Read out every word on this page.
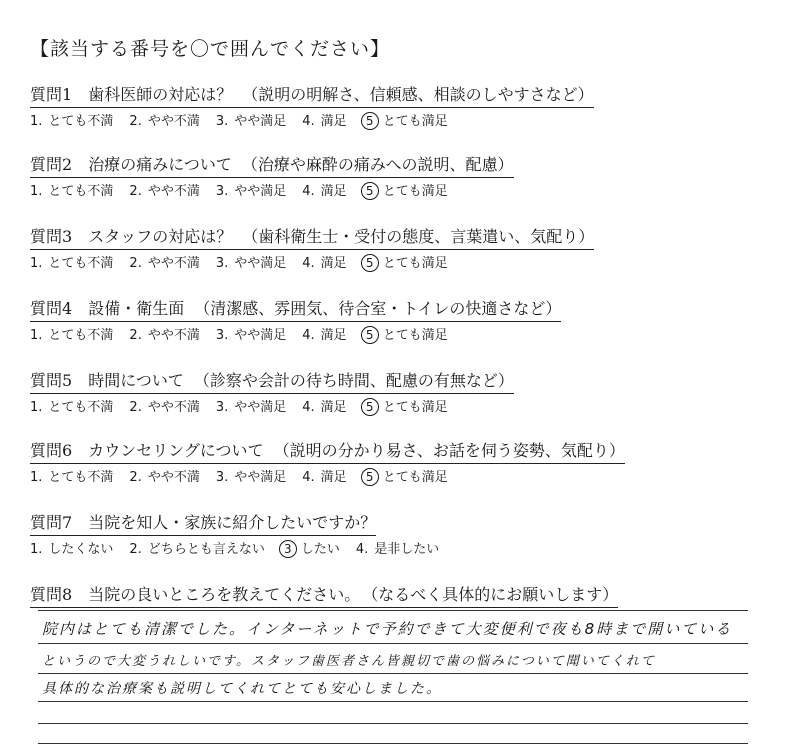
【該当する番号を〇で囲んでください】
質問1 歯科医師の対応は？ （説明の明解さ、信頼感、相談のしやすさなど）
1. とても不満 2. やや不満 3. やや満足 4. 満足 5 とても満足
質問2 治療の痛みについて （治療や麻酔の痛みへの説明、配慮）
1. とても不満 2. やや不満 3. やや満足 4. 満足 5 とても満足
質問3 スタッフの対応は？ （歯科衛生士・受付の態度、言葉遣い、気配り）
1. とても不満 2. やや不満 3. やや満足 4. 満足 5 とても満足
質問4 設備・衛生面 （清潔感、雰囲気、待合室・トイレの快適さなど）
1. とても不満 2. やや不満 3. やや満足 4. 満足 5 とても満足
質問5 時間について （診察や会計の待ち時間、配慮の有無など）
1. とても不満 2. やや不満 3. やや満足 4. 満足 5 とても満足
質問6 カウンセリングについて （説明の分かり易さ、お話を伺う姿勢、気配り）
1. とても不満 2. やや不満 3. やや満足 4. 満足 5 とても満足
質問7 当院を知人・家族に紹介したいですか？
1. したくない 2. どちらとも言えない 3 したい 4. 是非したい
質問8 当院の良いところを教えてください。 （なるべく具体的にお願いします）
院内はとても清潔でした。インターネットで予約できて大変便利で夜も8時まで開いている
というので大変うれしいです。スタッフ歯医者さん皆親切で歯の悩みについて聞いてくれて
具体的な治療案も説明してくれてとても安心しました。
